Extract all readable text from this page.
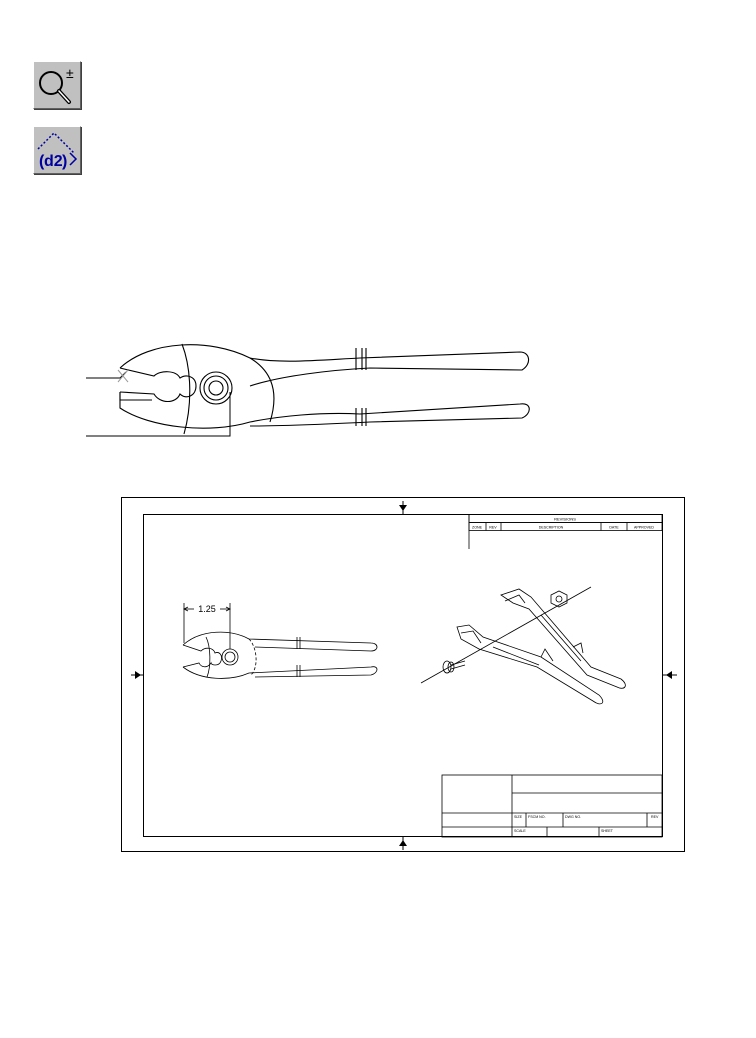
±
( d2 )
REVISIONS
ZONE REV	DESCRIPTION	DATE	APPROVED
1.25
SIZE FSCM NO.	DWG NO.	REV
SCALE	SHEET
